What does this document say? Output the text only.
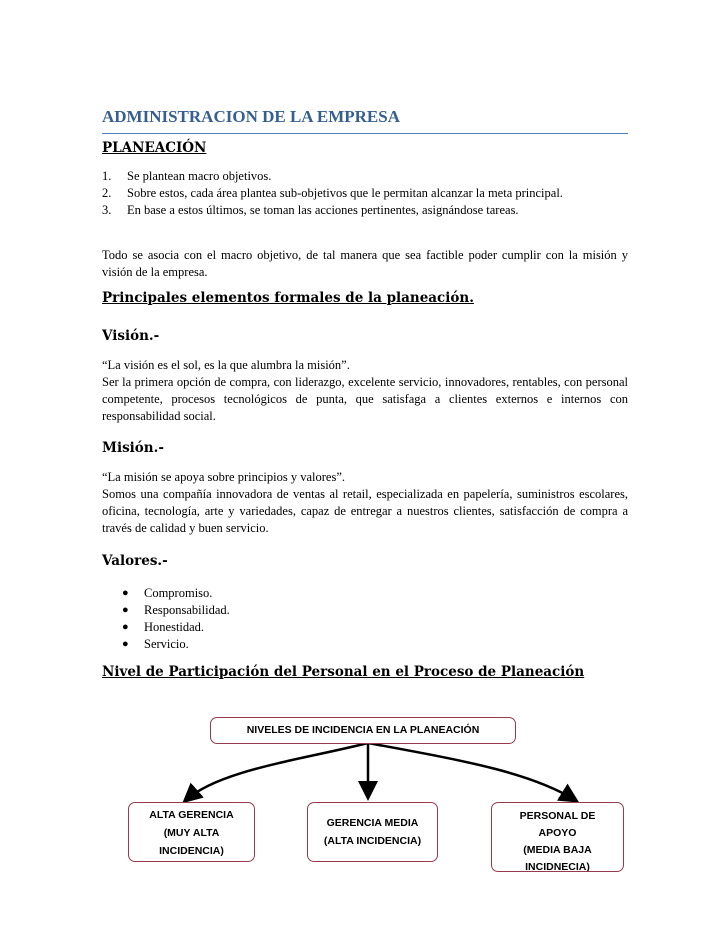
ADMINISTRACION DE LA EMPRESA
PLANEACIÓN
1. Se plantean macro objetivos.
2. Sobre estos, cada área plantea sub-objetivos que le permitan alcanzar la meta principal.
3. En base a estos últimos, se toman las acciones pertinentes, asignándose tareas.
Todo se asocia con el macro objetivo, de tal manera que sea factible poder cumplir con la misión y visión de la empresa.
Principales elementos formales de la planeación.
Visión.-
“La visión es el sol, es la que alumbra la misión”.
Ser la primera opción de compra, con liderazgo, excelente servicio, innovadores, rentables, con personal competente, procesos tecnológicos de punta, que satisfaga a clientes externos e internos con responsabilidad social.
Misión.-
“La misión se apoya sobre principios y valores”.
Somos una compañía innovadora de ventas al retail, especializada en papelería, suministros escolares, oficina, tecnología, arte y variedades, capaz de entregar a nuestros clientes, satisfacción de compra a través de calidad y buen servicio.
Valores.-
● Compromiso.
● Responsabilidad.
● Honestidad.
● Servicio.
Nivel de Participación del Personal en el Proceso de Planeación
NIVELES DE INCIDENCIA EN LA PLANEACIÓN
ALTA GERENCIA
(MUY ALTA
INCIDENCIA)
GERENCIA MEDIA
(ALTA INCIDENCIA)
PERSONAL DE
APOYO
(MEDIA BAJA
INCIDNECIA)
